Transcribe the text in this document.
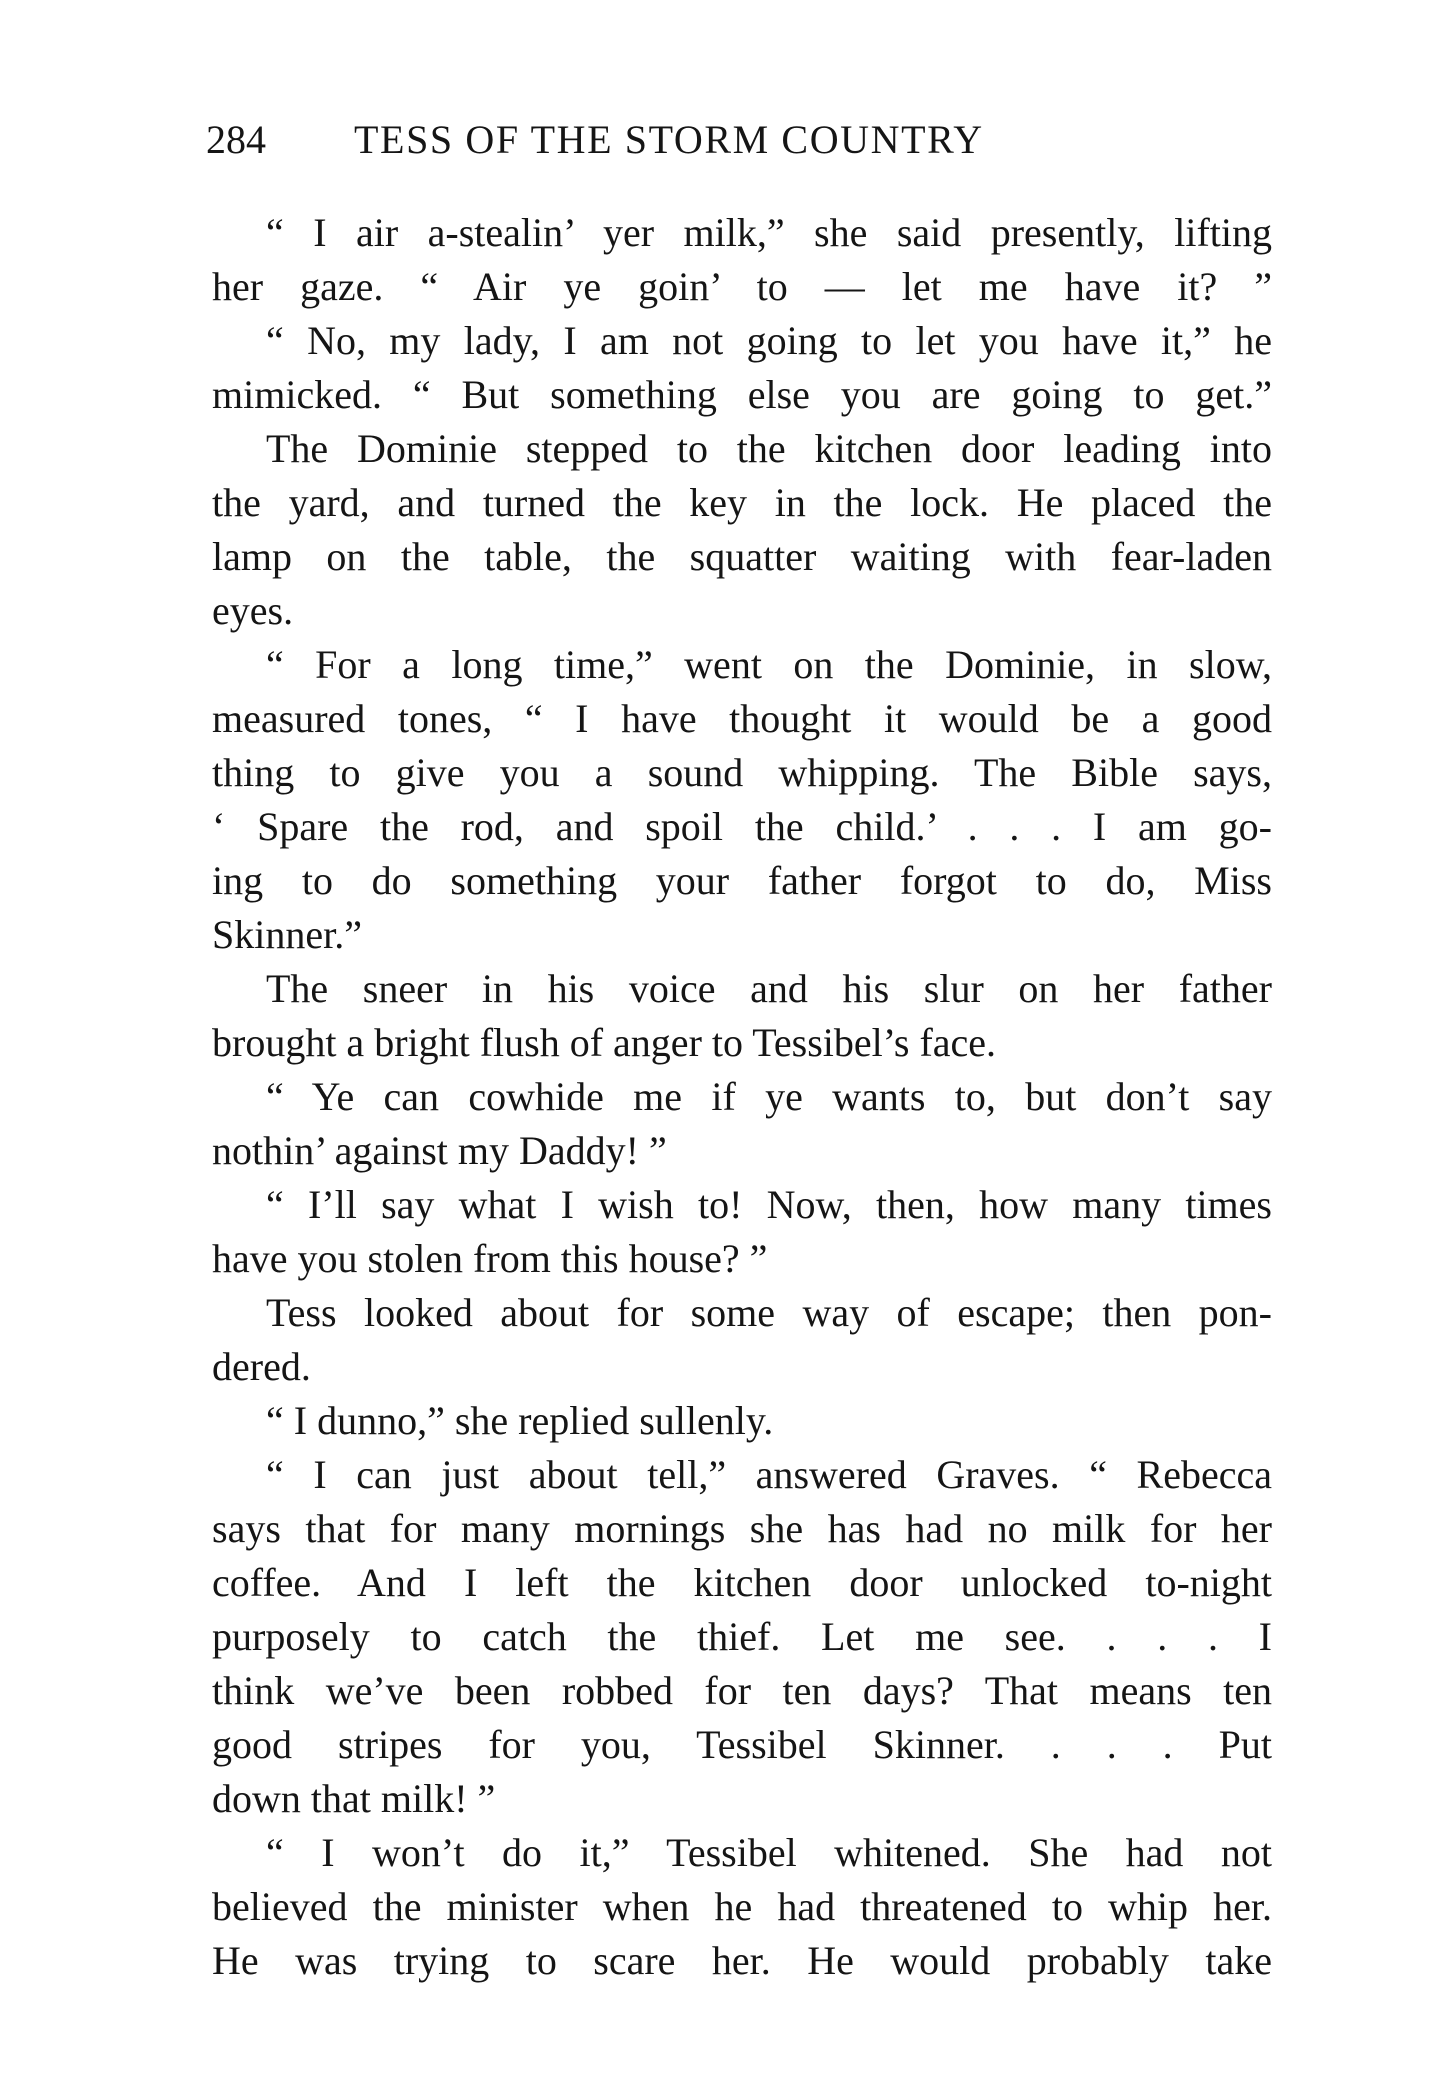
284 TESS OF THE STORM COUNTRY
“ I air a-stealin’ yer milk,” she said presently, lifting
her gaze. “ Air ye goin’ to — let me have it? ”
“ No, my lady, I am not going to let you have it,” he
mimicked. “ But something else you are going to get.”
The Dominie stepped to the kitchen door leading into
the yard, and turned the key in the lock. He placed the
lamp on the table, the squatter waiting with fear-laden
eyes.
“ For a long time,” went on the Dominie, in slow,
measured tones, “ I have thought it would be a good
thing to give you a sound whipping. The Bible says,
‘ Spare the rod, and spoil the child.’ . . . I am go-
ing to do something your father forgot to do, Miss
Skinner.”
The sneer in his voice and his slur on her father
brought a bright flush of anger to Tessibel’s face.
“ Ye can cowhide me if ye wants to, but don’t say
nothin’ against my Daddy! ”
“ I’ll say what I wish to! Now, then, how many times
have you stolen from this house? ”
Tess looked about for some way of escape; then pon-
dered.
“ I dunno,” she replied sullenly.
“ I can just about tell,” answered Graves. “ Rebecca
says that for many mornings she has had no milk for her
coffee. And I left the kitchen door unlocked to-night
purposely to catch the thief. Let me see. . . . I
think we’ve been robbed for ten days? That means ten
good stripes for you, Tessibel Skinner. . . . Put
down that milk! ”
“ I won’t do it,” Tessibel whitened. She had not
believed the minister when he had threatened to whip her.
He was trying to scare her. He would probably take
